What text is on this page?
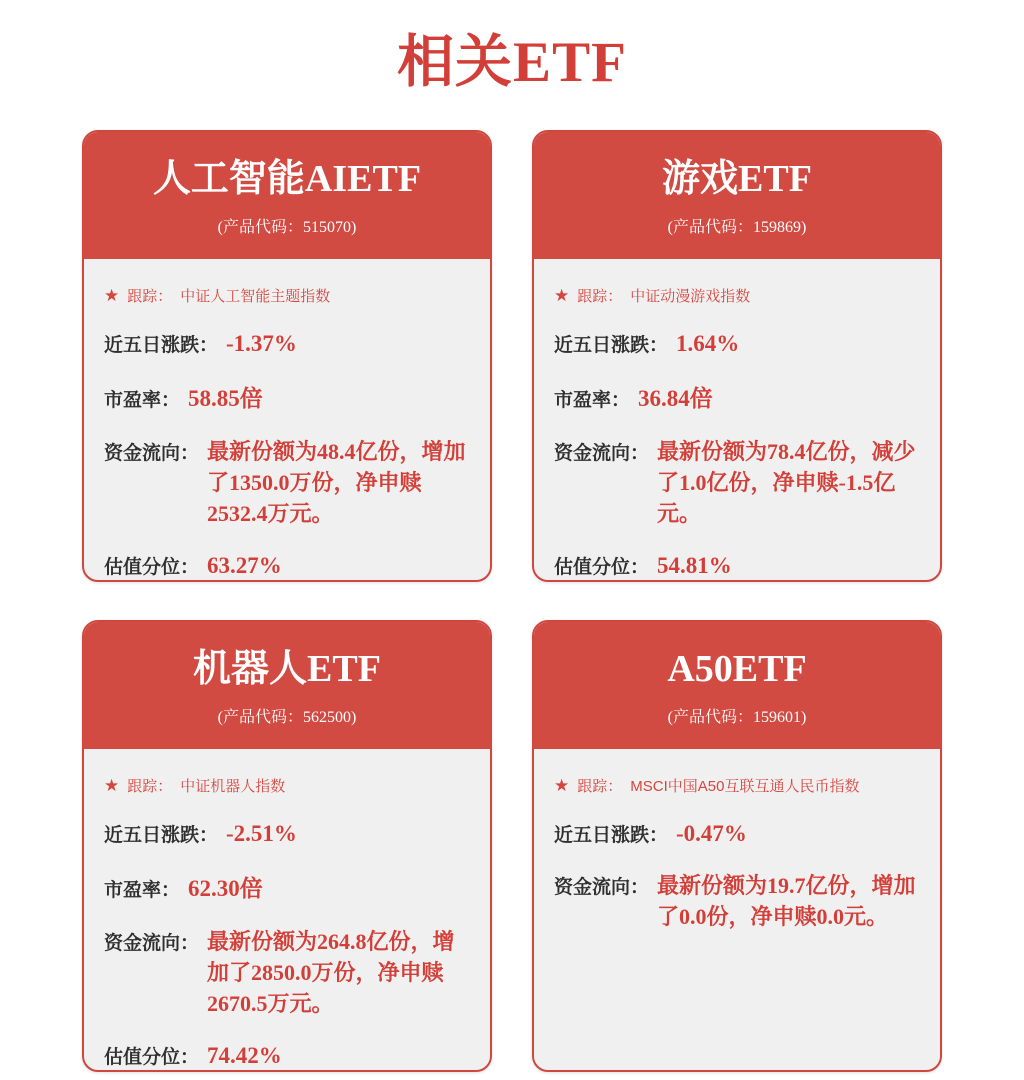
相关ETF
人工智能AIETF
(产品代码：515070)
★ 跟踪： 中证人工智能主题指数
近五日涨跌： -1.37%
市盈率： 58.85倍
资金流向： 最新份额为48.4亿份，增加了1350.0万份，净申赎2532.4万元。
估值分位： 63.27%
游戏ETF
(产品代码：159869)
★ 跟踪： 中证动漫游戏指数
近五日涨跌： 1.64%
市盈率： 36.84倍
资金流向： 最新份额为78.4亿份，减少了1.0亿份，净申赎-1.5亿元。
估值分位： 54.81%
机器人ETF
(产品代码：562500)
★ 跟踪： 中证机器人指数
近五日涨跌： -2.51%
市盈率： 62.30倍
资金流向： 最新份额为264.8亿份，增加了2850.0万份，净申赎2670.5万元。
估值分位： 74.42%
A50ETF
(产品代码：159601)
★ 跟踪： MSCI中国A50互联互通人民币指数
近五日涨跌： -0.47%
资金流向： 最新份额为19.7亿份，增加了0.0份，净申赎0.0元。
